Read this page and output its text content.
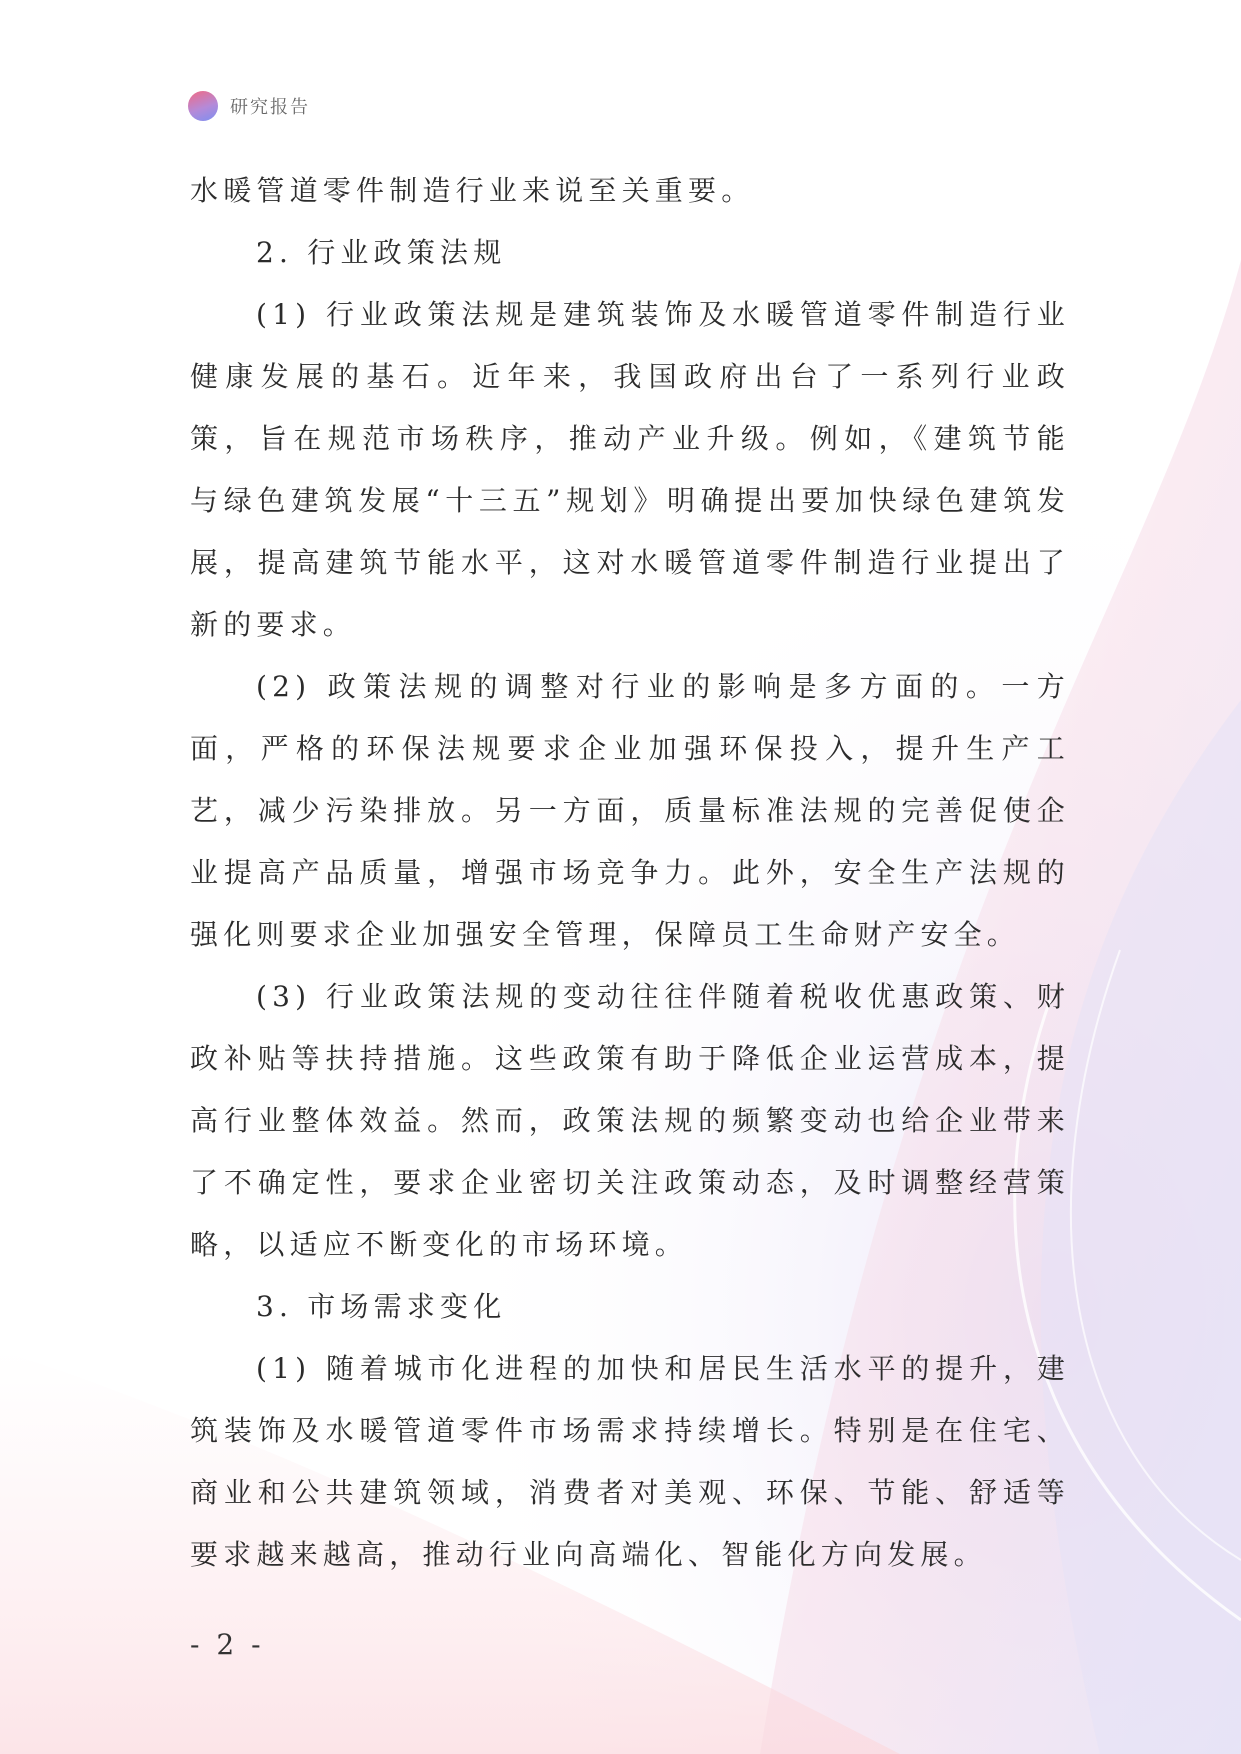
研究报告

水暖管道零件制造行业来说至关重要。

2. 行业政策法规

(1) 行业政策法规是建筑装饰及水暖管道零件制造行业健康发展的基石。近年来，我国政府出台了一系列行业政策，旨在规范市场秩序，推动产业升级。例如，《建筑节能与绿色建筑发展“十三五”规划》明确提出要加快绿色建筑发展，提高建筑节能水平，这对水暖管道零件制造行业提出了新的要求。

(2) 政策法规的调整对行业的影响是多方面的。一方面，严格的环保法规要求企业加强环保投入，提升生产工艺，减少污染排放。另一方面，质量标准法规的完善促使企业提高产品质量，增强市场竞争力。此外，安全生产法规的强化则要求企业加强安全管理，保障员工生命财产安全。

(3) 行业政策法规的变动往往伴随着税收优惠政策、财政补贴等扶持措施。这些政策有助于降低企业运营成本，提高行业整体效益。然而，政策法规的频繁变动也给企业带来了不确定性，要求企业密切关注政策动态，及时调整经营策略，以适应不断变化的市场环境。

3. 市场需求变化

(1) 随着城市化进程的加快和居民生活水平的提升，建筑装饰及水暖管道零件市场需求持续增长。特别是在住宅、商业和公共建筑领域，消费者对美观、环保、节能、舒适等要求越来越高，推动行业向高端化、智能化方向发展。

- 2 -
